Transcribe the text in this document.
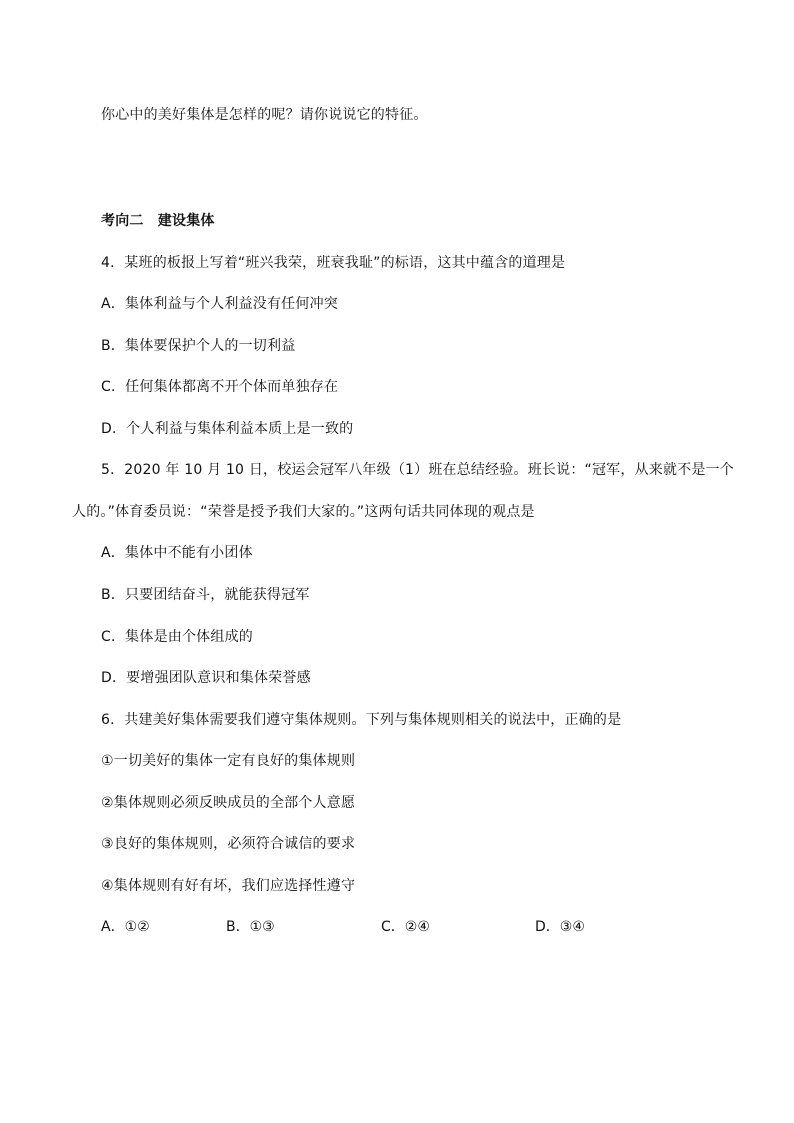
你心中的美好集体是怎样的呢？请你说说它的特征。
考向二　建设集体
4．某班的板报上写着“班兴我荣，班衰我耻”的标语，这其中蕴含的道理是
A．集体利益与个人利益没有任何冲突
B．集体要保护个人的一切利益
C．任何集体都离不开个体而单独存在
D．个人利益与集体利益本质上是一致的
5．2020 年 10 月 10 日，校运会冠军八年级（1）班在总结经验。班长说：“冠军，从来就不是一个
人的。”体育委员说：“荣誉是授予我们大家的。”这两句话共同体现的观点是
A．集体中不能有小团体
B．只要团结奋斗，就能获得冠军
C．集体是由个体组成的
D．要增强团队意识和集体荣誉感
6．共建美好集体需要我们遵守集体规则。下列与集体规则相关的说法中，正确的是
①一切美好的集体一定有良好的集体规则
②集体规则必须反映成员的全部个人意愿
③良好的集体规则，必须符合诚信的要求
④集体规则有好有坏，我们应选择性遵守
A．①②	B．①③	C．②④	D．③④
